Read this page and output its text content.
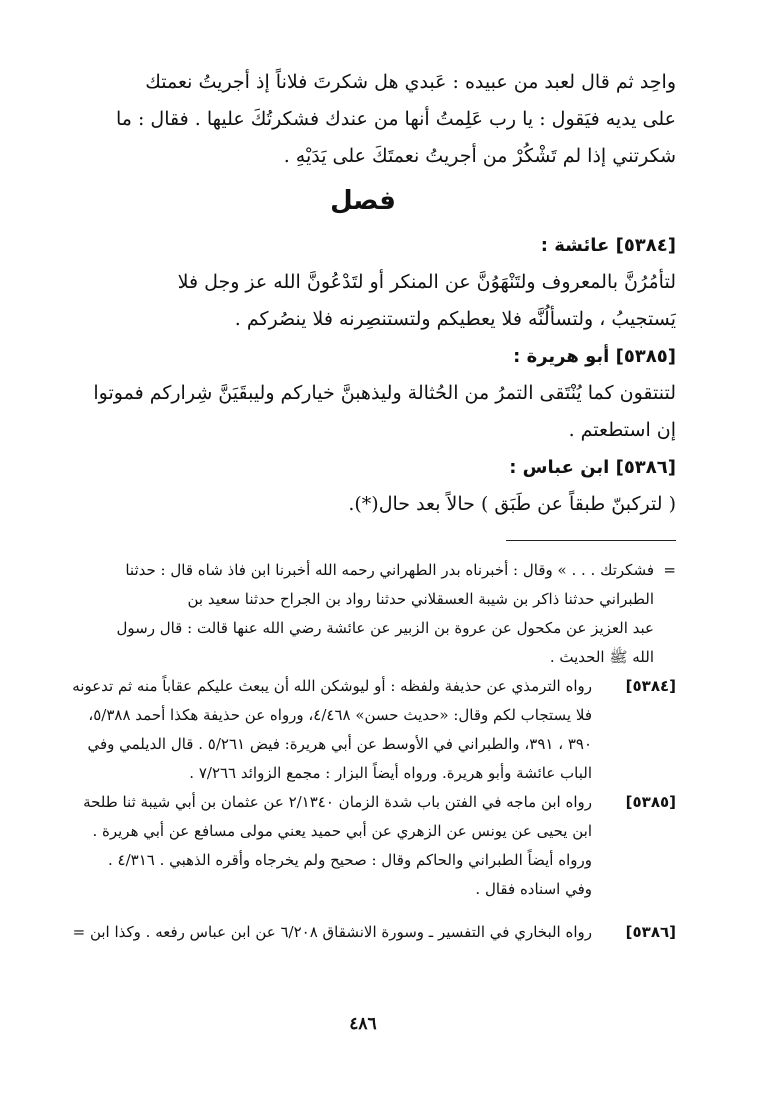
واحِد ثم قال لعبد من عبيده : عَبدي هل شكرتَ فلاناً إذ أجريتُ نعمتك
على يديه فيَقول : يا رب عَلِمتُ أنها من عندك فشكرتُكَ عليها . فقال : ما
شكرتني إذا لم تَشْكُرْ من أجريتُ نعمتَكَ على يَدَيْهِ .
فصل
[٥٣٨٤] عائشة :
لتأمُرُنَّ بالمعروف ولتَنْهَوُنَّ عن المنكر أو لتَدْعُونَّ الله عز وجل فلا
يَستجيبُ ، ولتسألُنَّه فلا يعطيكم ولتستنصِرنه فلا ينصُركم .
[٥٣٨٥] أبو هريرة :
لتنتقون كما يُنْتَقى التمرُ من الحُثالة وليذهبنَّ خياركم وليبقَيَنَّ شِراركم فموتوا
إن استطعتم .
[٥٣٨٦] ابن عباس :
( لتركبنّ طبقاً عن طَبَق ) حالاً بعد حال(*).
=
فشكرتك . . . » وقال : أخبرناه بدر الطهراني رحمه الله أخبرنا ابن فاذ شاه قال : حدثنا
الطبراني حدثنا ذاكر بن شيبة العسقلاني حدثنا رواد بن الجراح حدثنا سعيد بن
عبد العزيز عن مكحول عن عروة بن الزبير عن عائشة رضي الله عنها قالت : قال رسول
الله ﷺ الحديث .
[٥٣٨٤]
رواه الترمذي عن حذيفة ولفظه : أو ليوشكن الله أن يبعث عليكم عقاباً منه ثم تدعونه
فلا يستجاب لكم وقال: «حديث حسن» ٤/٤٦٨، ورواه عن حذيفة هكذا أحمد ٥/٣٨٨،
٣٩٠ ، ٣٩١، والطبراني في الأوسط عن أبي هريرة: فيض ٥/٢٦١ . قال الديلمي وفي
الباب عائشة وأبو هريرة. ورواه أيضاً البزار : مجمع الزوائد ٧/٢٦٦ .
[٥٣٨٥]
رواه ابن ماجه في الفتن باب شدة الزمان ٢/١٣٤٠ عن عثمان بن أبي شيبة ثنا طلحة
ابن يحيى عن يونس عن الزهري عن أبي حميد يعني مولى مسافع عن أبي هريرة .
ورواه أيضاً الطبراني والحاكم وقال : صحيح ولم يخرجاه وأقره الذهبي . ٤/٣١٦ .
وفي اسناده فقال .
[٥٣٨٦]
رواه البخاري في التفسير ـ وسورة الانشقاق ٦/٢٠٨ عن ابن عباس رفعه . وكذا ابن =
٤٨٦
